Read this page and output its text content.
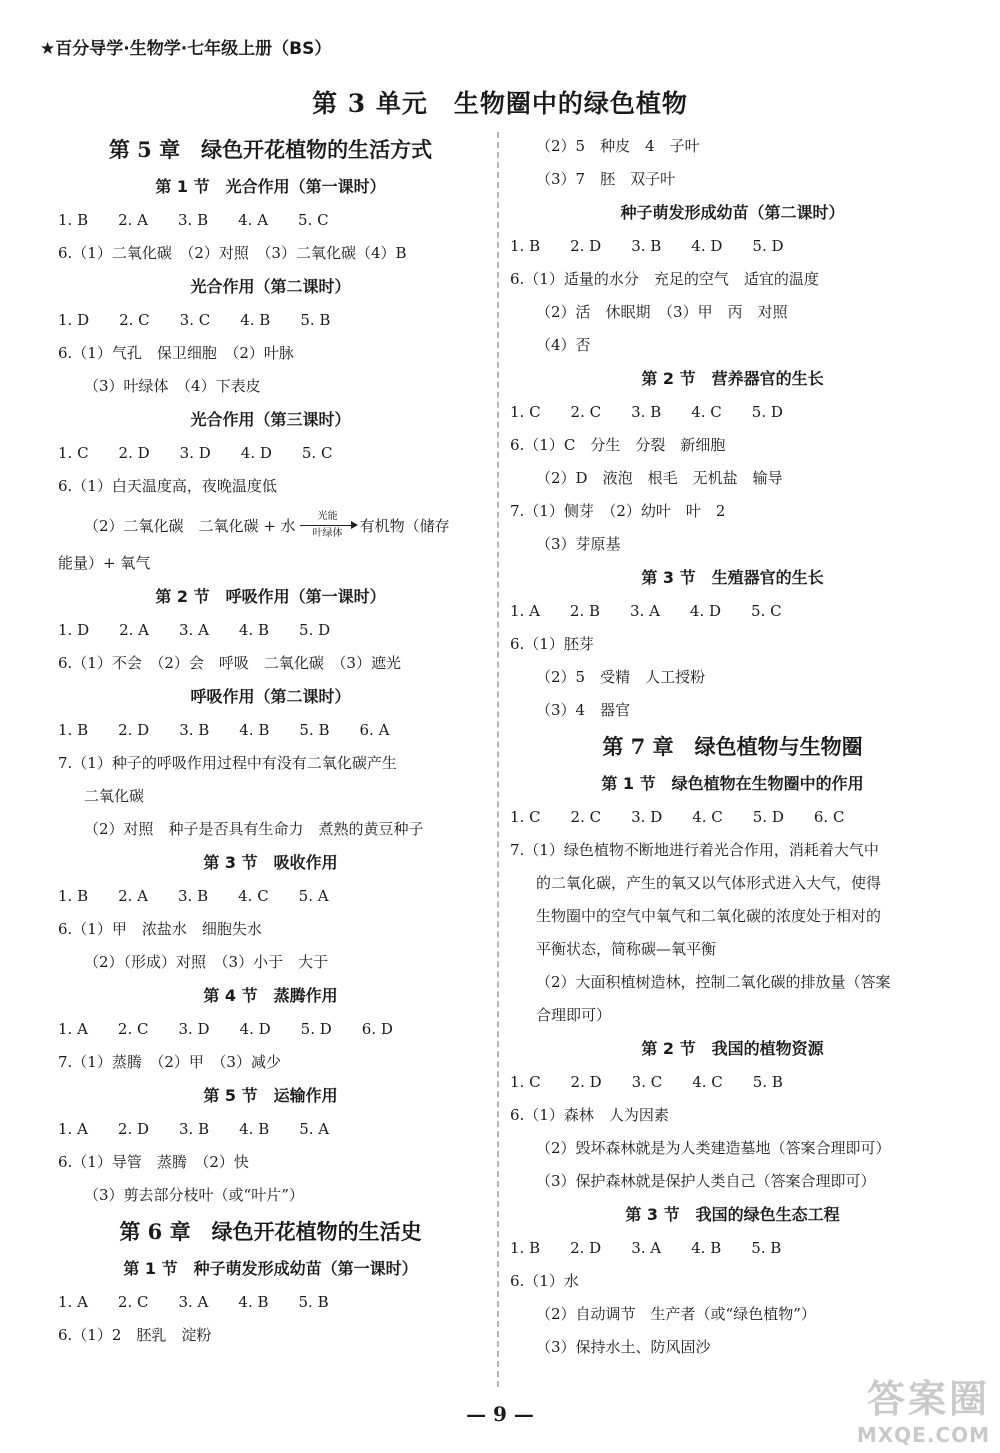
★百分导学·生物学·七年级上册（BS）
第 3 单元　生物圈中的绿色植物
第 5 章　绿色开花植物的生活方式
第 1 节　光合作用（第一课时）
1. B　　2. A　　3. B　　4. A　　5. C
6.（1）二氧化碳　（2）对照　（3）二氧化碳（4）B
光合作用（第二课时）
1. D　　2. C　　3. C　　4. B　　5. B
6.（1）气孔　保卫细胞　（2）叶脉
（3）叶绿体　（4）下表皮
光合作用（第三课时）
1. C　　2. D　　3. D　　4. D　　5. C
6.（1）白天温度高，夜晚温度低
（2）二氧化碳　二氧化碳 + 水
光能
叶绿体 有机物（储存
能量）+ 氧气
第 2 节　呼吸作用（第一课时）
1. D　　2. A　　3. A　　4. B　　5. D
6.（1）不会　（2）会　呼吸　二氧化碳　（3）遮光
呼吸作用（第二课时）
1. B　　2. D　　3. B　　4. B　　5. B　　6. A
7.（1）种子的呼吸作用过程中有没有二氧化碳产生
二氧化碳
（2）对照　种子是否具有生命力　煮熟的黄豆种子
第 3 节　吸收作用
1. B　　2. A　　3. B　　4. C　　5. A
6.（1）甲　浓盐水　细胞失水
（2）（形成）对照　（3）小于　大于
第 4 节　蒸腾作用
1. A　　2. C　　3. D　　4. D　　5. D　　6. D
7.（1）蒸腾　（2）甲　（3）减少
第 5 节　运输作用
1. A　　2. D　　3. B　　4. B　　5. A
6.（1）导管　蒸腾　（2）快
（3）剪去部分枝叶（或“叶片”）
第 6 章　绿色开花植物的生活史
第 1 节　种子萌发形成幼苗（第一课时）
1. A　　2. C　　3. A　　4. B　　5. B
6.（1）2　胚乳　淀粉
（2）5　种皮　4　子叶
（3）7　胚　双子叶
种子萌发形成幼苗（第二课时）
1. B　　2. D　　3. B　　4. D　　5. D
6.（1）适量的水分　充足的空气　适宜的温度
（2）活　休眠期　（3）甲　丙　对照
（4）否
第 2 节　营养器官的生长
1. C　　2. C　　3. B　　4. C　　5. D
6.（1）C　分生　分裂　新细胞
（2）D　液泡　根毛　无机盐　输导
7.（1）侧芽　（2）幼叶　叶　2
（3）芽原基
第 3 节　生殖器官的生长
1. A　　2. B　　3. A　　4. D　　5. C
6.（1）胚芽
（2）5　受精　人工授粉
（3）4　器官
第 7 章　绿色植物与生物圈
第 1 节　绿色植物在生物圈中的作用
1. C　　2. C　　3. D　　4. C　　5. D　　6. C
7.（1）绿色植物不断地进行着光合作用，消耗着大气中
的二氧化碳，产生的氧又以气体形式进入大气，使得
生物圈中的空气中氧气和二氧化碳的浓度处于相对的
平衡状态，简称碳—氧平衡
（2）大面积植树造林，控制二氧化碳的排放量（答案
合理即可）
第 2 节　我国的植物资源
1. C　　2. D　　3. C　　4. C　　5. B
6.（1）森林　人为因素
（2）毁坏森林就是为人类建造墓地（答案合理即可）
（3）保护森林就是保护人类自己（答案合理即可）
第 3 节　我国的绿色生态工程
1. B　　2. D　　3. A　　4. B　　5. B
6.（1）水
（2）自动调节　生产者（或“绿色植物”）
（3）保持水土、防风固沙
— 9 —	答案圈
MXQE.COM
